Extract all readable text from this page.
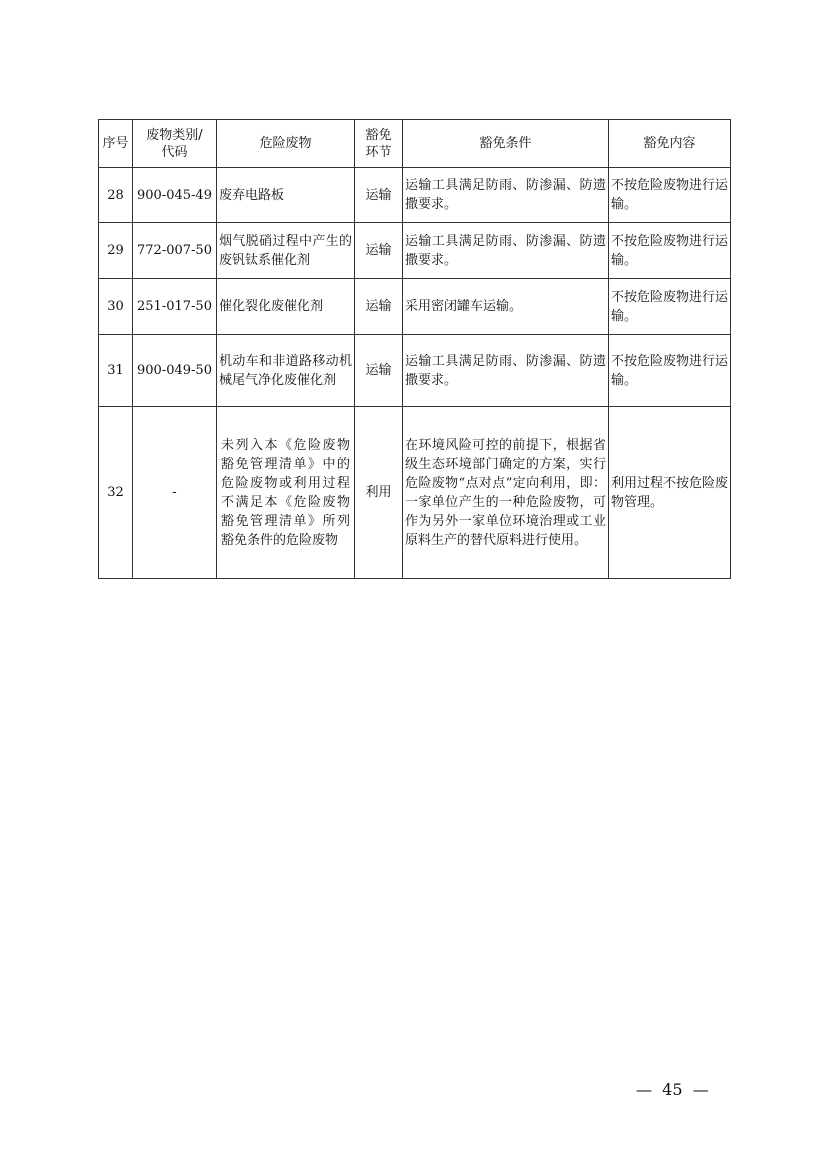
序号	废物类别/代码	危险废物	豁免环节	豁免条件	豁免内容
28	900-045-49	废弃电路板	运输	运输工具满足防雨、防渗漏、防遗撒要求。	不按危险废物进行运输。
29	772-007-50	烟气脱硝过程中产生的废钒钛系催化剂	运输	运输工具满足防雨、防渗漏、防遗撒要求。	不按危险废物进行运输。
30	251-017-50	催化裂化废催化剂	运输	采用密闭罐车运输。	不按危险废物进行运输。
31	900-049-50	机动车和非道路移动机械尾气净化废催化剂	运输	运输工具满足防雨、防渗漏、防遗撒要求。	不按危险废物进行运输。
32	-	未列入本《危险废物豁免管理清单》中的危险废物或利用过程不满足本《危险废物豁免管理清单》所列豁免条件的危险废物	利用	在环境风险可控的前提下，根据省级生态环境部门确定的方案，实行危险废物“点对点”定向利用，即：一家单位产生的一种危险废物，可作为另外一家单位环境治理或工业原料生产的替代原料进行使用。	利用过程不按危险废物管理。
— 45 —
